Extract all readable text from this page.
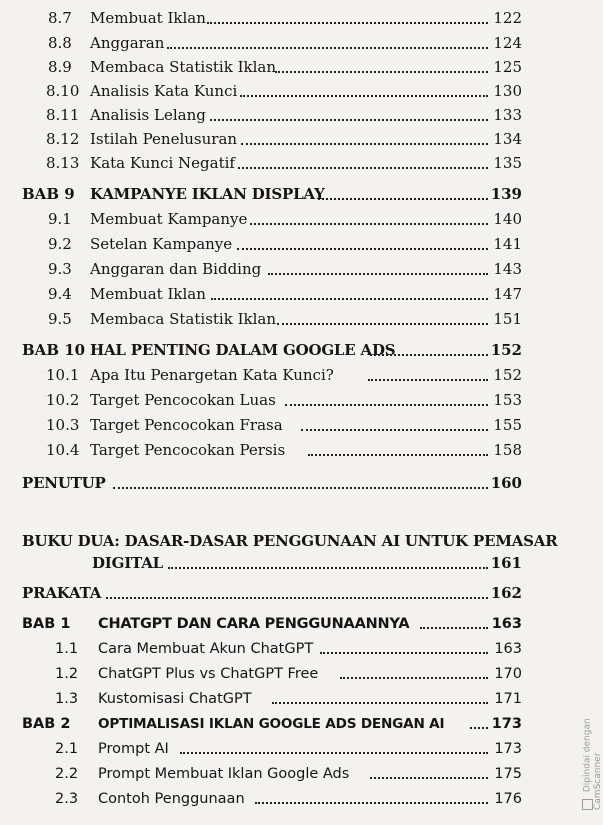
8.7 Membuat Iklan	122
8.8 Anggaran	124
8.9 Membaca Statistik Iklan	125
8.10 Analisis Kata Kunci	130
8.11 Analisis Lelang	133
8.12 Istilah Penelusuran	134
8.13 Kata Kunci Negatif	135
BAB 9 KAMPANYE IKLAN DISPLAY	139
9.1 Membuat Kampanye	140
9.2 Setelan Kampanye	141
9.3 Anggaran dan Bidding	143
9.4 Membuat Iklan	147
9.5 Membaca Statistik Iklan	151
BAB 10 HAL PENTING DALAM GOOGLE ADS	152
10.1 Apa Itu Penargetan Kata Kunci?	152
10.2 Target Pencocokan Luas	153
10.3 Target Pencocokan Frasa	155
10.4 Target Pencocokan Persis	158
PENUTUP	160
BUKU DUA: DASAR-DASAR PENGGUNAAN AI UNTUK PEMASAR
DIGITAL	161
PRAKATA	162
BAB 1 CHATGPT DAN CARA PENGGUNAANNYA	163
1.1 Cara Membuat Akun ChatGPT	163
1.2 ChatGPT Plus vs ChatGPT Free	170
1.3 Kustomisasi ChatGPT	171
BAB 2 OPTIMALISASI IKLAN GOOGLE ADS DENGAN AI	173
2.1 Prompt AI	173
2.2 Prompt Membuat Iklan Google Ads	175
2.3 Contoh Penggunaan	176
Dipindai dengan CamScanner
